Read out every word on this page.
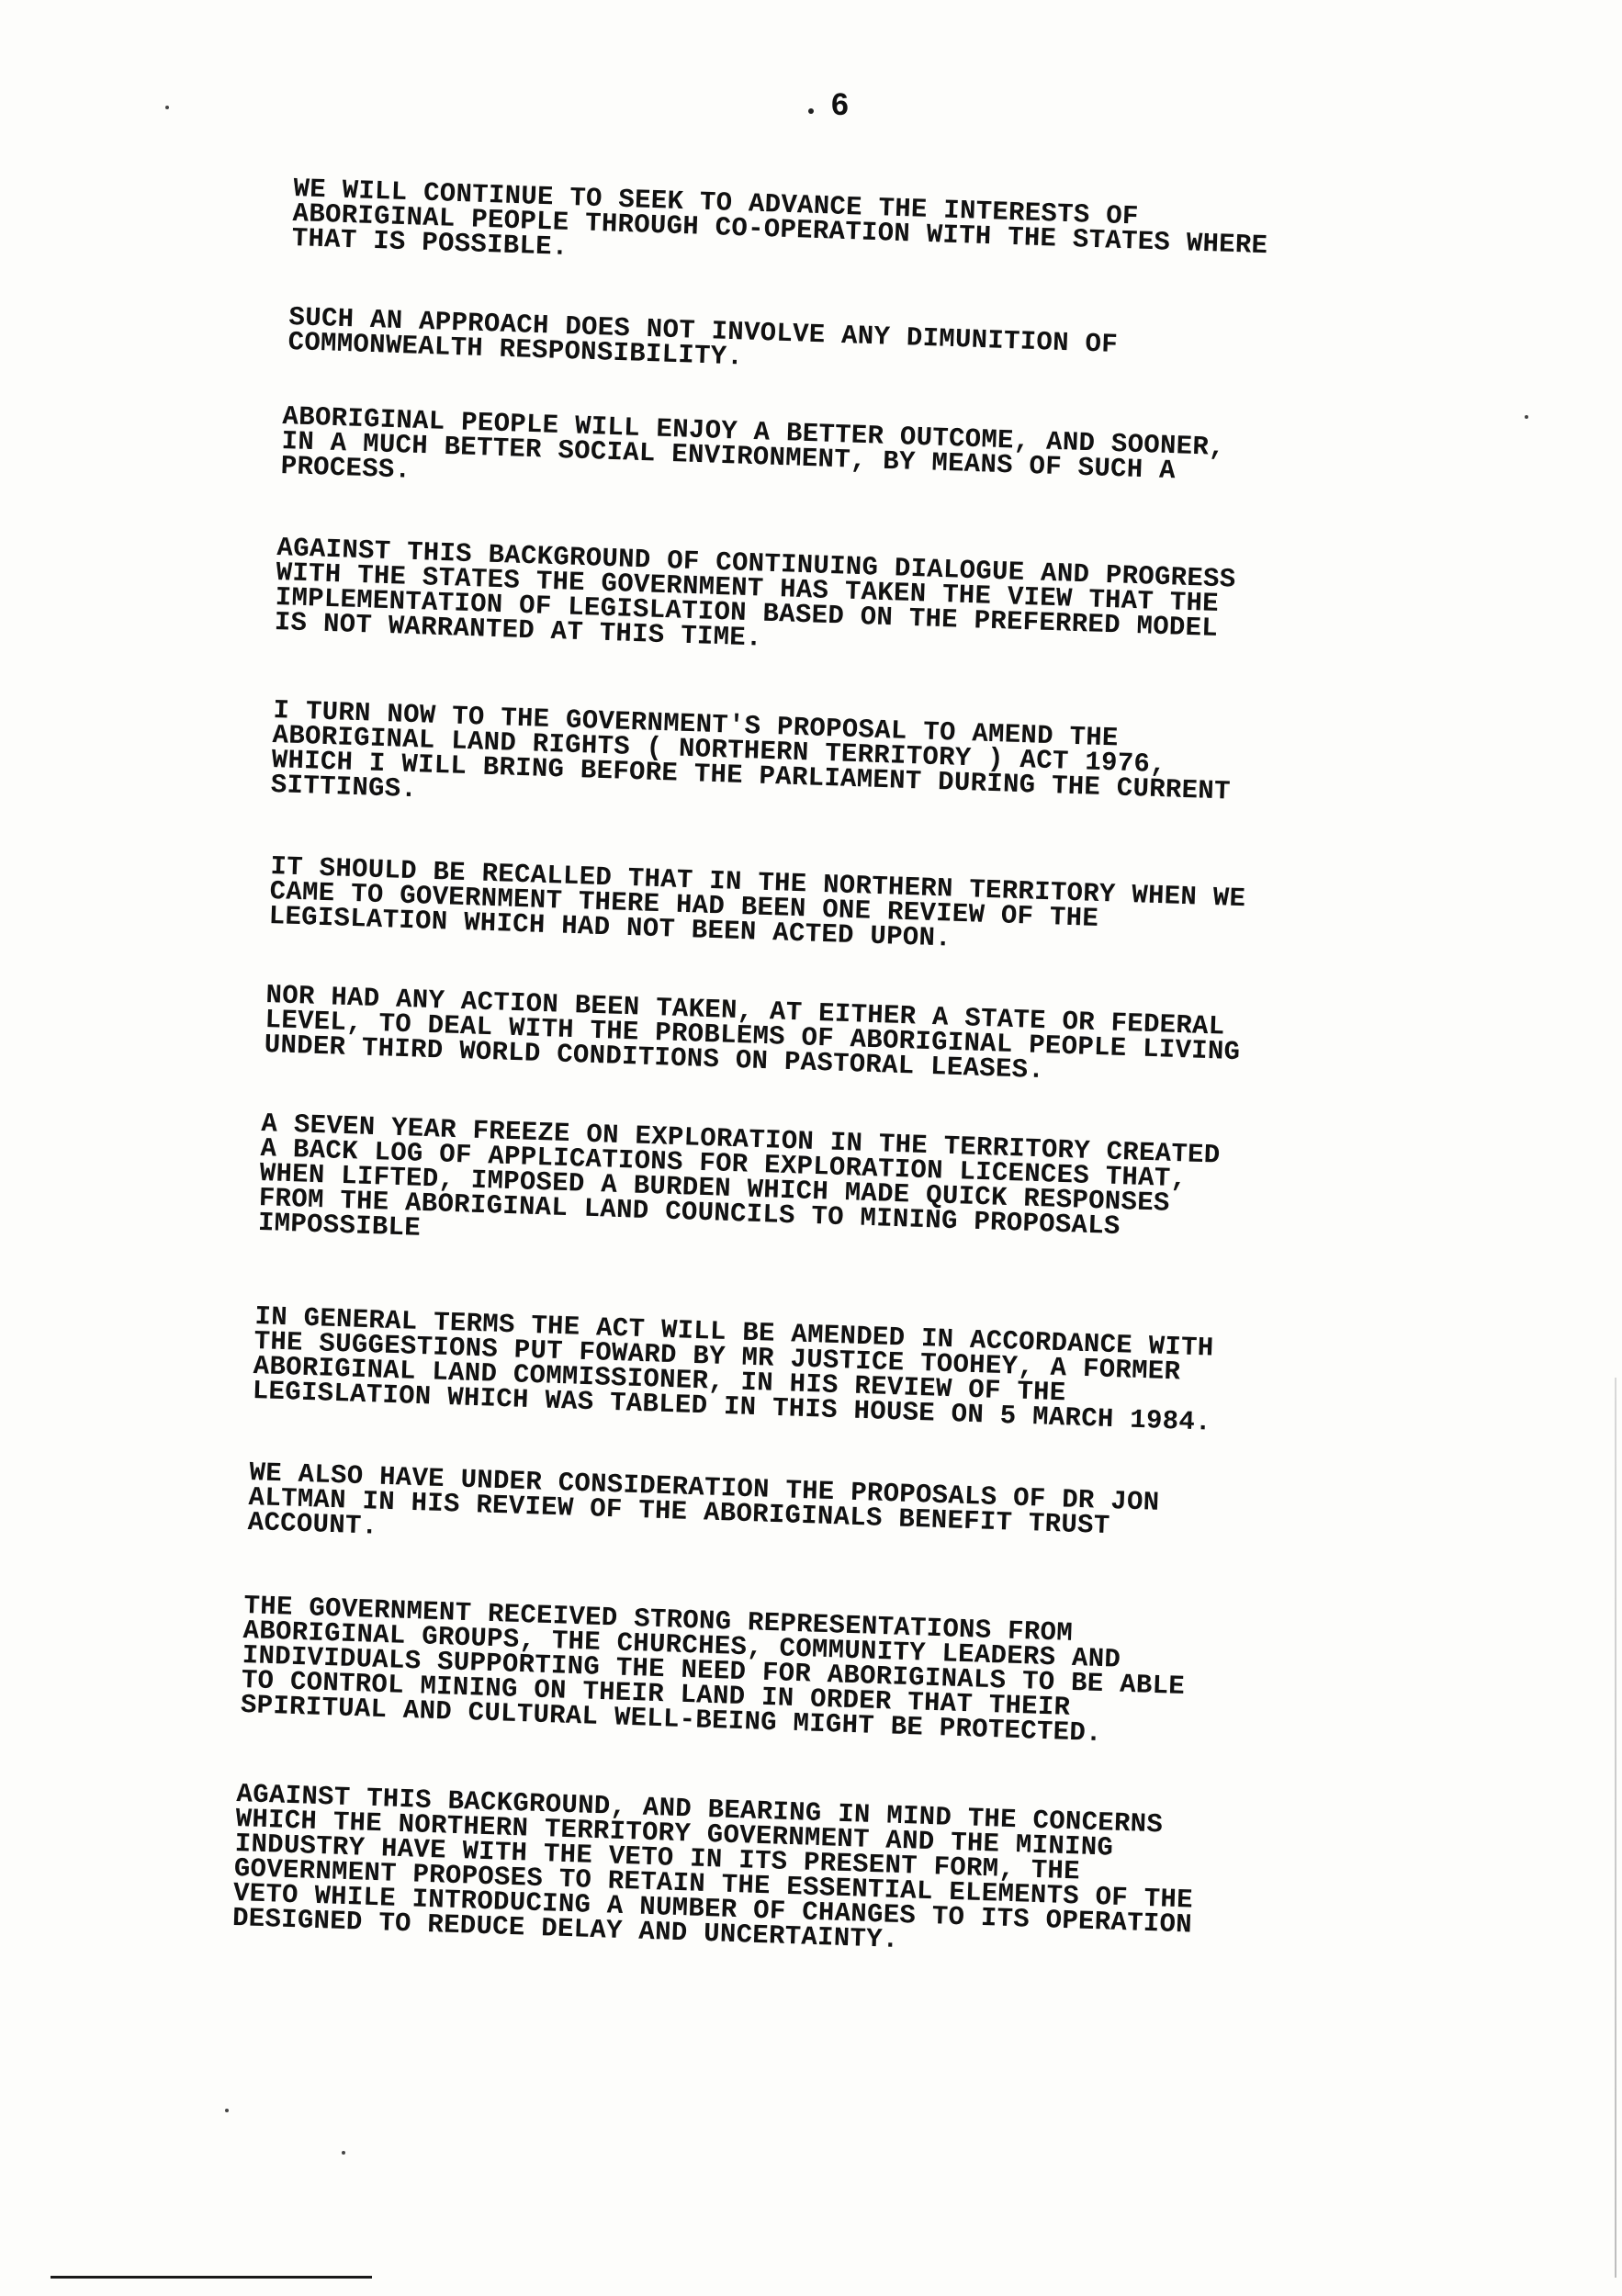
6

WE WILL CONTINUE TO SEEK TO ADVANCE THE INTERESTS OF
ABORIGINAL PEOPLE THROUGH CO-OPERATION WITH THE STATES WHERE
THAT IS POSSIBLE.

SUCH AN APPROACH DOES NOT INVOLVE ANY DIMUNITION OF
COMMONWEALTH RESPONSIBILITY.

ABORIGINAL PEOPLE WILL ENJOY A BETTER OUTCOME, AND SOONER,
IN A MUCH BETTER SOCIAL ENVIRONMENT, BY MEANS OF SUCH A
PROCESS.

AGAINST THIS BACKGROUND OF CONTINUING DIALOGUE AND PROGRESS
WITH THE STATES THE GOVERNMENT HAS TAKEN THE VIEW THAT THE
IMPLEMENTATION OF LEGISLATION BASED ON THE PREFERRED MODEL
IS NOT WARRANTED AT THIS TIME.

I TURN NOW TO THE GOVERNMENT'S PROPOSAL TO AMEND THE
ABORIGINAL LAND RIGHTS ( NORTHERN TERRITORY ) ACT 1976,
WHICH I WILL BRING BEFORE THE PARLIAMENT DURING THE CURRENT
SITTINGS.

IT SHOULD BE RECALLED THAT IN THE NORTHERN TERRITORY WHEN WE
CAME TO GOVERNMENT THERE HAD BEEN ONE REVIEW OF THE
LEGISLATION WHICH HAD NOT BEEN ACTED UPON.

NOR HAD ANY ACTION BEEN TAKEN, AT EITHER A STATE OR FEDERAL
LEVEL, TO DEAL WITH THE PROBLEMS OF ABORIGINAL PEOPLE LIVING
UNDER THIRD WORLD CONDITIONS ON PASTORAL LEASES.

A SEVEN YEAR FREEZE ON EXPLORATION IN THE TERRITORY CREATED
A BACK LOG OF APPLICATIONS FOR EXPLORATION LICENCES THAT,
WHEN LIFTED, IMPOSED A BURDEN WHICH MADE QUICK RESPONSES
FROM THE ABORIGINAL LAND COUNCILS TO MINING PROPOSALS
IMPOSSIBLE

IN GENERAL TERMS THE ACT WILL BE AMENDED IN ACCORDANCE WITH
THE SUGGESTIONS PUT FOWARD BY MR JUSTICE TOOHEY, A FORMER
ABORIGINAL LAND COMMISSIONER, IN HIS REVIEW OF THE
LEGISLATION WHICH WAS TABLED IN THIS HOUSE ON 5 MARCH 1984.

WE ALSO HAVE UNDER CONSIDERATION THE PROPOSALS OF DR JON
ALTMAN IN HIS REVIEW OF THE ABORIGINALS BENEFIT TRUST
ACCOUNT.

THE GOVERNMENT RECEIVED STRONG REPRESENTATIONS FROM
ABORIGINAL GROUPS, THE CHURCHES, COMMUNITY LEADERS AND
INDIVIDUALS SUPPORTING THE NEED FOR ABORIGINALS TO BE ABLE
TO CONTROL MINING ON THEIR LAND IN ORDER THAT THEIR
SPIRITUAL AND CULTURAL WELL-BEING MIGHT BE PROTECTED.

AGAINST THIS BACKGROUND, AND BEARING IN MIND THE CONCERNS
WHICH THE NORTHERN TERRITORY GOVERNMENT AND THE MINING
INDUSTRY HAVE WITH THE VETO IN ITS PRESENT FORM, THE
GOVERNMENT PROPOSES TO RETAIN THE ESSENTIAL ELEMENTS OF THE
VETO WHILE INTRODUCING A NUMBER OF CHANGES TO ITS OPERATION
DESIGNED TO REDUCE DELAY AND UNCERTAINTY.
